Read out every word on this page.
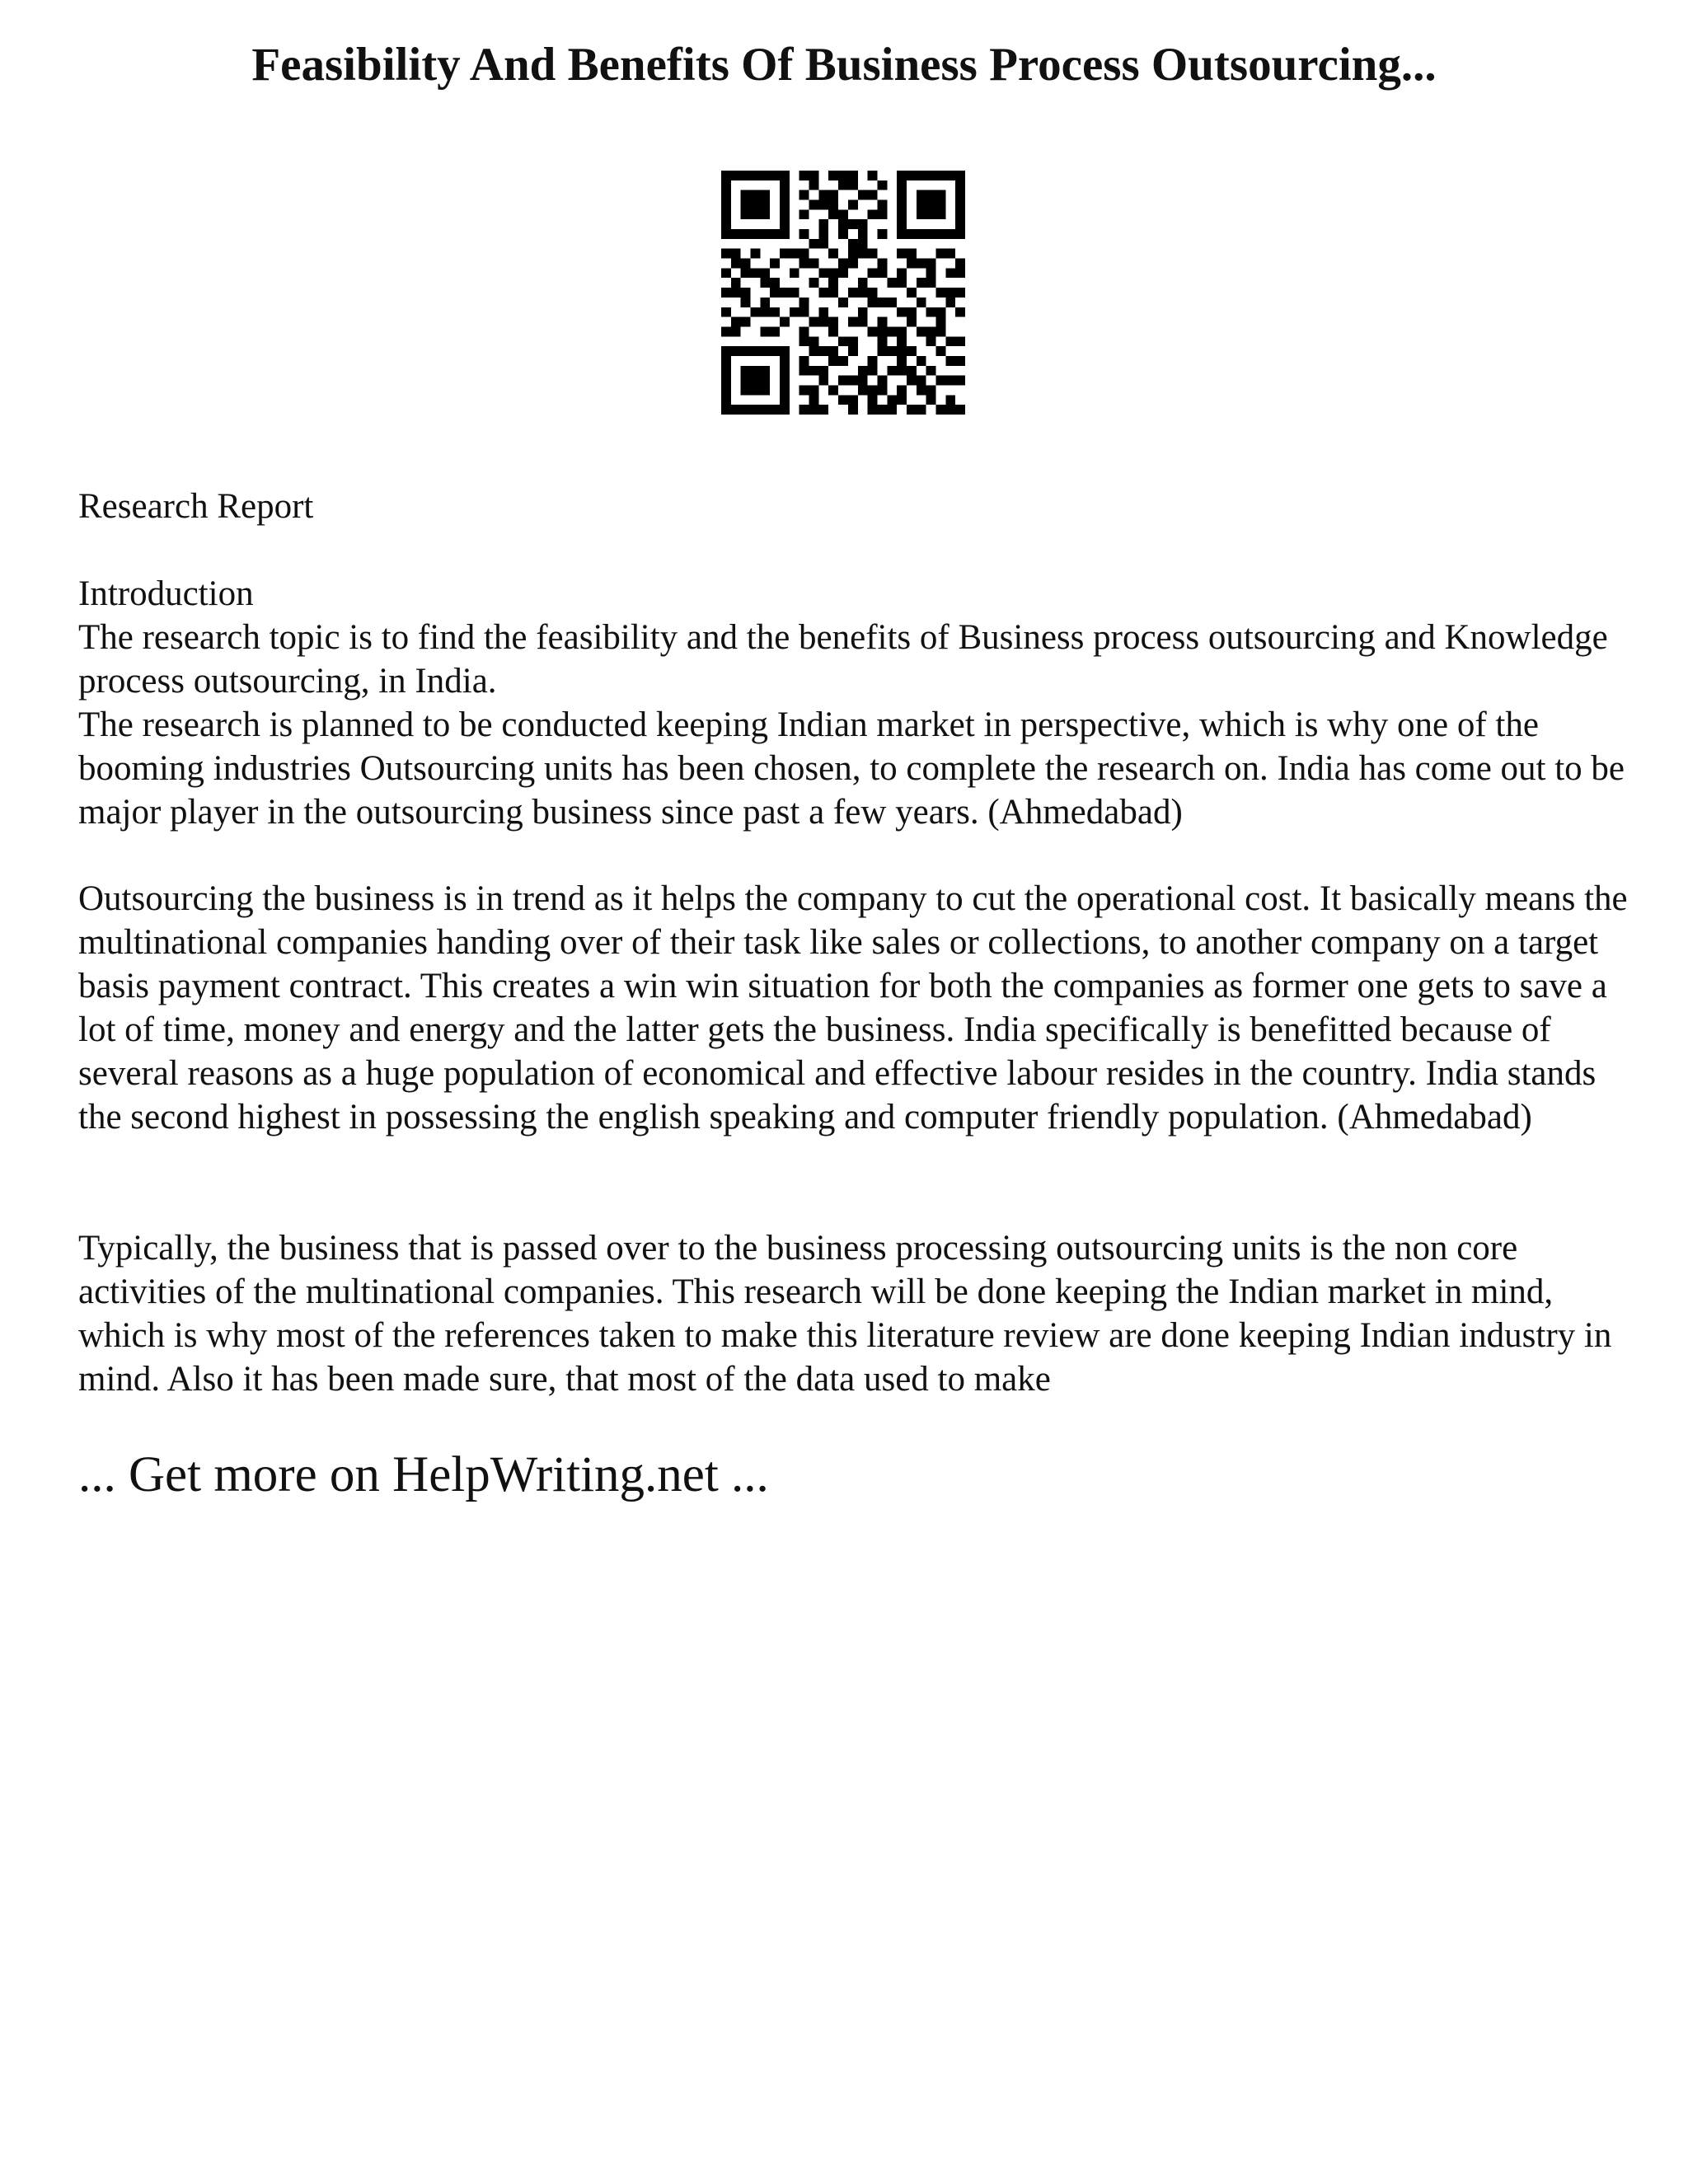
Feasibility And Benefits Of Business Process Outsourcing...

Research Report

Introduction

The research topic is to find the feasibility and the benefits of Business process outsourcing and Knowledge process outsourcing, in India.

The research is planned to be conducted keeping Indian market in perspective, which is why one of the booming industries Outsourcing units has been chosen, to complete the research on. India has come out to be major player in the outsourcing business since past a few years. (Ahmedabad)

Outsourcing the business is in trend as it helps the company to cut the operational cost. It basically means the multinational companies handing over of their task like sales or collections, to another company on a target basis payment contract. This creates a win win situation for both the companies as former one gets to save a lot of time, money and energy and the latter gets the business. India specifically is benefitted because of several reasons as a huge population of economical and effective labour resides in the country. India stands the second highest in possessing the english speaking and computer friendly population. (Ahmedabad)

Typically, the business that is passed over to the business processing outsourcing units is the non core activities of the multinational companies. This research will be done keeping the Indian market in mind, which is why most of the references taken to make this literature review are done keeping Indian industry in mind. Also it has been made sure, that most of the data used to make

... Get more on HelpWriting.net ...
